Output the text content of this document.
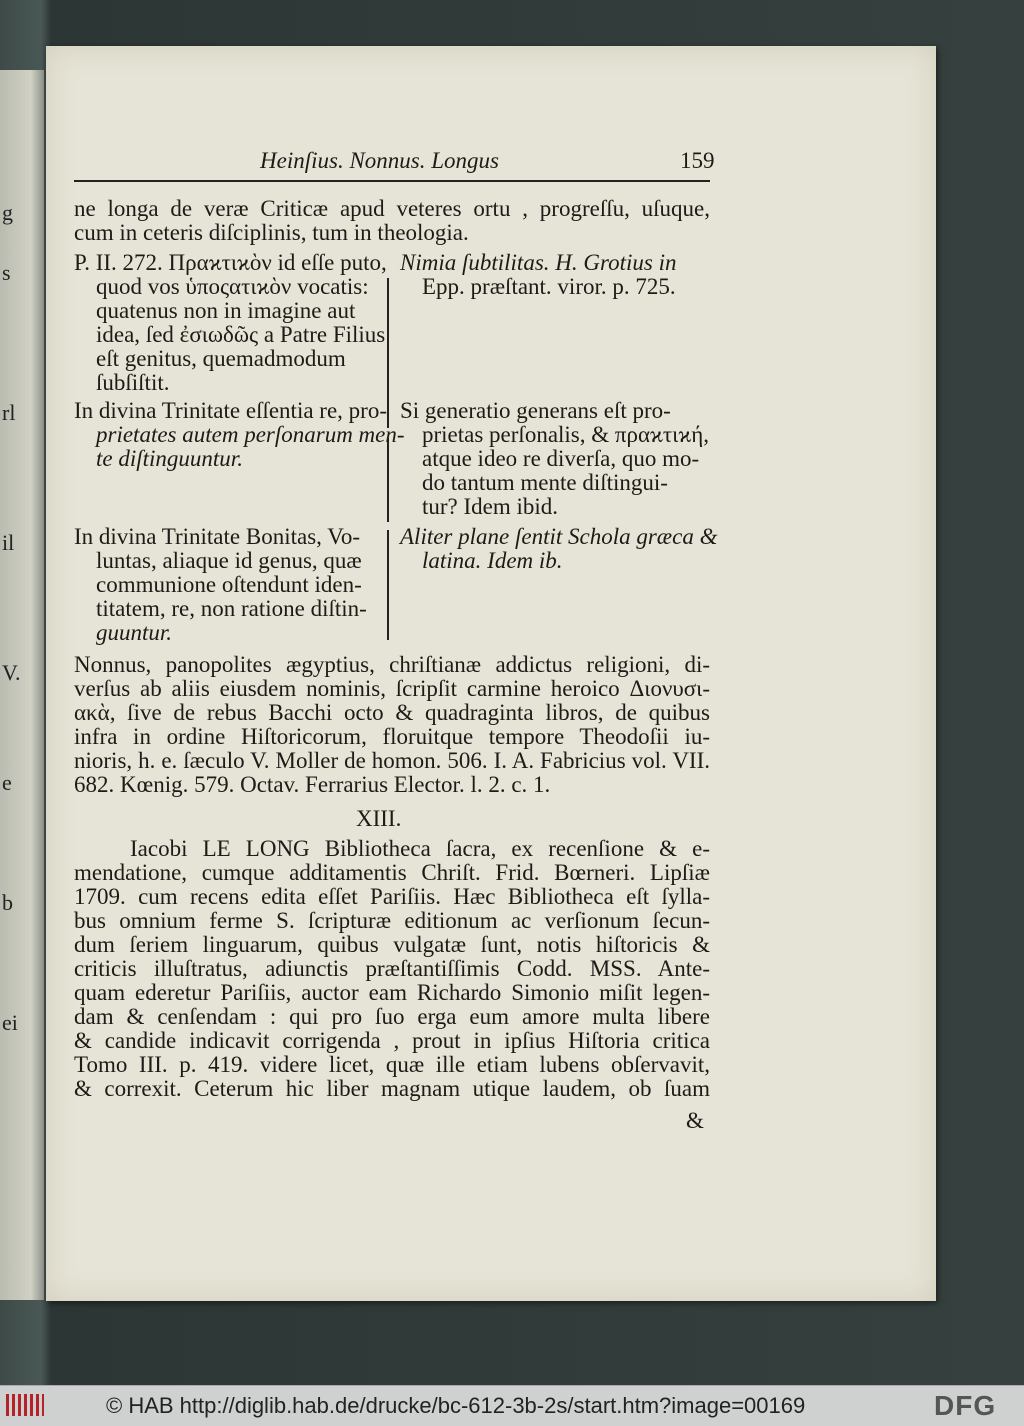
g
s
rl
il
V.
e
b
ei
Heinſius. Nonnus. Longus	159
ne longa de veræ Criticæ apud veteres ortu , progreſſu, uſuque,
cum in ceteris diſciplinis, tum in theologia.
P. II. 272. Πραϰτιϰὸν id eſſe puto,
quod vos ὑποςατιϰὸν vocatis:
quatenus non in imagine aut
idea, ſed ἐσιωδῶς a Patre Filius
eſt genitus, quemadmodum
ſubſiſtit.
Nimia ſubtilitas. H. Grotius in
Epp. præſtant. viror. p. 725.
In divina Trinitate eſſentia re, pro-
prietates autem perſonarum men-
te diſtinguuntur.
Si generatio generans eſt pro-
prietas perſonalis, & πραϰτιϰή,
atque ideo re diverſa, quo mo-
do tantum mente diſtingui-
tur? Idem ibid.
In divina Trinitate Bonitas, Vo-
luntas, aliaque id genus, quæ
communione oſtendunt iden-
titatem, re, non ratione diſtin-
guuntur.
Aliter plane ſentit Schola græca &
latina. Idem ib.
Nonnus, panopolites ægyptius, chriſtianæ addictus religioni, di-
verſus ab aliis eiusdem nominis, ſcripſit carmine heroico Διονυσι-
ακὰ, ſive de rebus Bacchi octo & quadraginta libros, de quibus
infra in ordine Hiſtoricorum, floruitque tempore Theodoſii iu-
nioris, h. e. ſæculo V. Moller de homon. 506. I. A. Fabricius vol. VII.
682. Kœnig. 579. Octav. Ferrarius Elector. l. 2. c. 1.
XIII.
Iacobi LE LONG Bibliotheca ſacra, ex recenſione & e-
mendatione, cumque additamentis Chriſt. Frid. Bœrneri. Lipſiæ
1709. cum recens edita eſſet Pariſiis. Hæc Bibliotheca eſt ſylla-
bus omnium ferme S. ſcripturæ editionum ac verſionum ſecun-
dum ſeriem linguarum, quibus vulgatæ ſunt, notis hiſtoricis &
criticis illuſtratus, adiunctis præſtantiſſimis Codd. MSS. Ante-
quam ederetur Pariſiis, auctor eam Richardo Simonio miſit legen-
dam & cenſendam : qui pro ſuo erga eum amore multa libere
& candide indicavit corrigenda , prout in ipſius Hiſtoria critica
Tomo III. p. 419. videre licet, quæ ille etiam lubens obſervavit,
& correxit. Ceterum hic liber magnam utique laudem, ob ſuam
&
© HAB http://diglib.hab.de/drucke/bc-612-3b-2s/start.htm?image=00169	DFG
